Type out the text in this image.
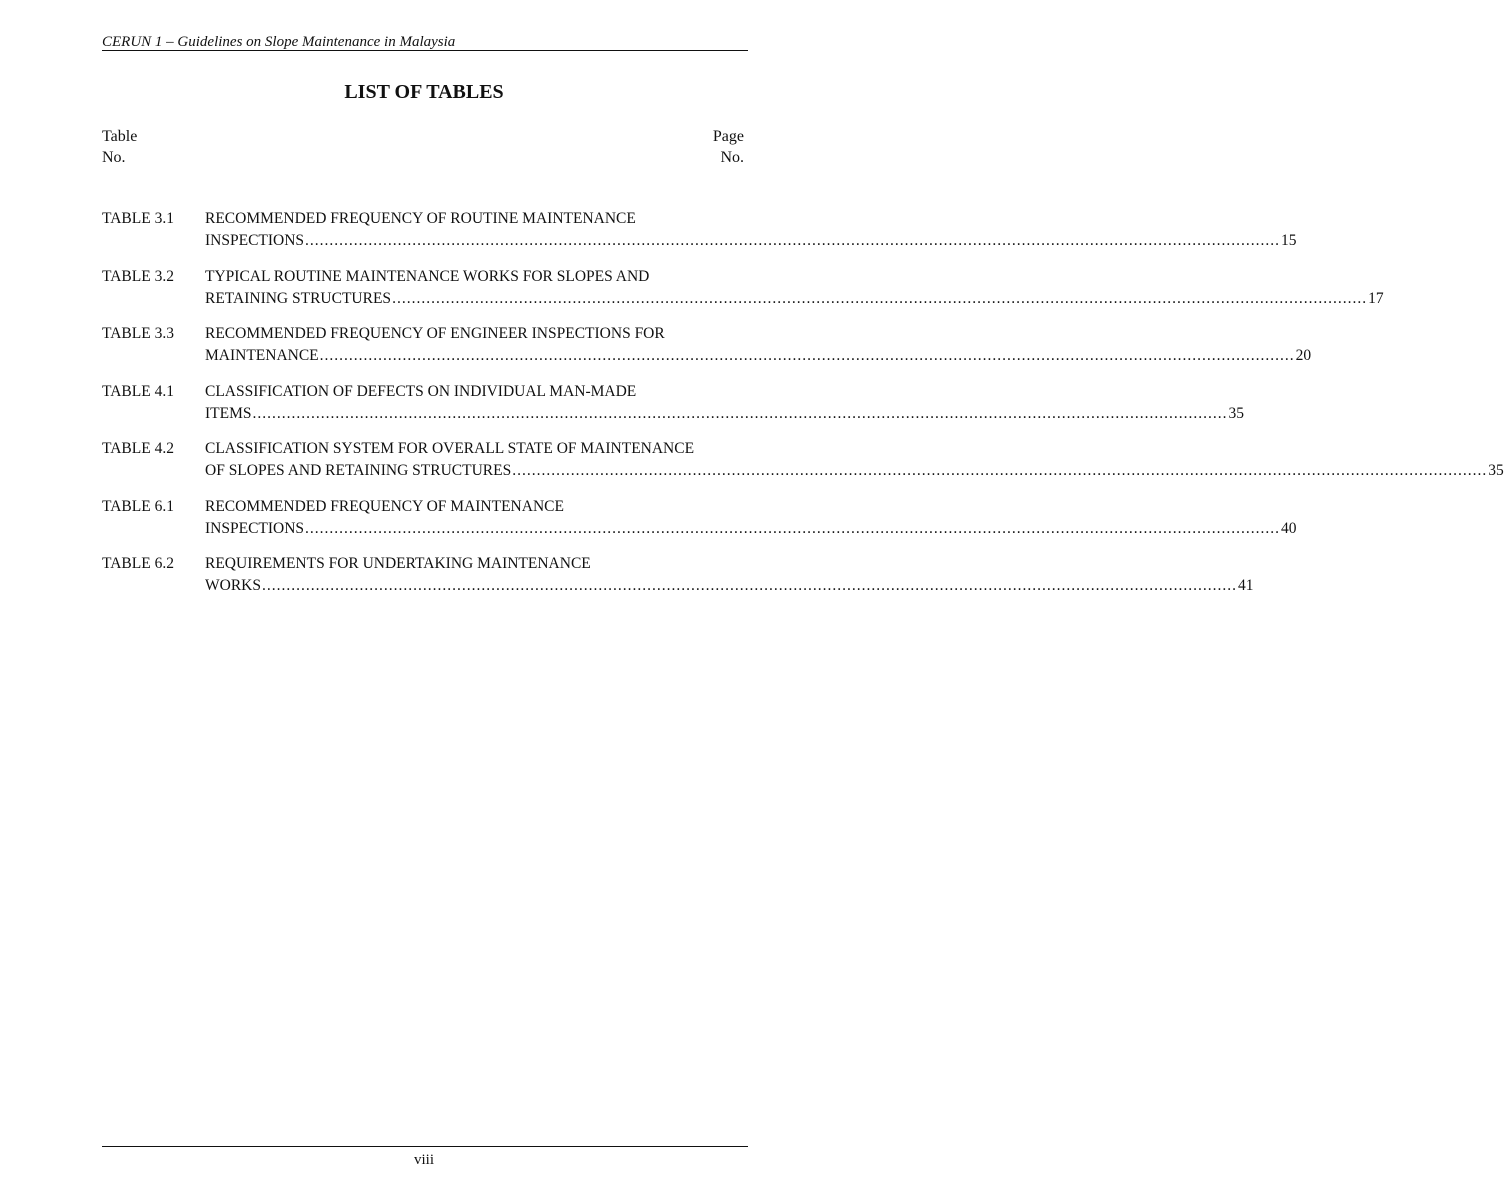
CERUN 1 – Guidelines on Slope Maintenance in Malaysia
LIST OF TABLES
Table
No.
Page
No.
TABLE 3.1 RECOMMENDED FREQUENCY OF ROUTINE MAINTENANCE
INSPECTIONS ........................................................................................................................................................................................................ 15
TABLE 3.2 TYPICAL ROUTINE MAINTENANCE WORKS FOR SLOPES AND
RETAINING STRUCTURES ........................................................................................................................................................................................................ 17
TABLE 3.3 RECOMMENDED FREQUENCY OF ENGINEER INSPECTIONS FOR
MAINTENANCE ........................................................................................................................................................................................................ 20
TABLE 4.1 CLASSIFICATION OF DEFECTS ON INDIVIDUAL MAN-MADE
ITEMS ........................................................................................................................................................................................................ 35
TABLE 4.2 CLASSIFICATION SYSTEM FOR OVERALL STATE OF MAINTENANCE
OF SLOPES AND RETAINING STRUCTURES ........................................................................................................................................................................................................ 35
TABLE 6.1 RECOMMENDED FREQUENCY OF MAINTENANCE
INSPECTIONS ........................................................................................................................................................................................................ 40
TABLE 6.2 REQUIREMENTS FOR UNDERTAKING MAINTENANCE
WORKS ........................................................................................................................................................................................................ 41
viii
